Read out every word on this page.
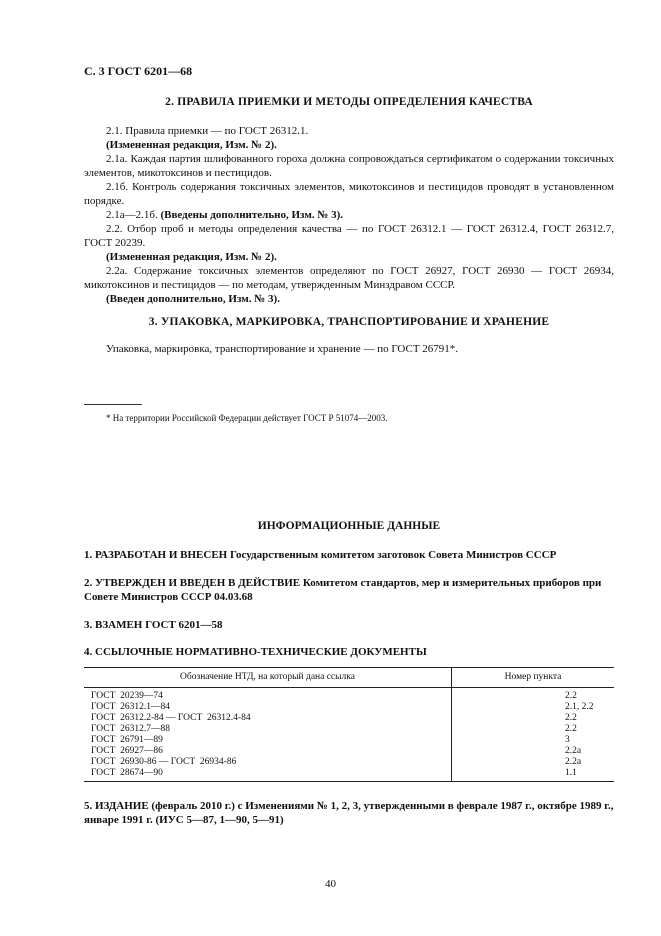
С. 3 ГОСТ 6201—68
2. ПРАВИЛА ПРИЕМКИ И МЕТОДЫ ОПРЕДЕЛЕНИЯ КАЧЕСТВА
2.1. Правила приемки — по ГОСТ 26312.1.
(Измененная редакция, Изм. № 2).
2.1а. Каждая партия шлифованного гороха должна сопровождаться сертификатом о содержании токсичных элементов, микотоксинов и пестицидов.
2.1б. Контроль содержания токсичных элементов, микотоксинов и пестицидов проводят в установленном порядке.
2.1а—2.1б. (Введены дополнительно, Изм. № 3).
2.2. Отбор проб и методы определения качества — по ГОСТ 26312.1 — ГОСТ 26312.4, ГОСТ 26312.7, ГОСТ 20239.
(Измененная редакция, Изм. № 2).
2.2а. Содержание токсичных элементов определяют по ГОСТ 26927, ГОСТ 26930 — ГОСТ 26934, микотоксинов и пестицидов — по методам, утвержденным Минздравом СССР.
(Введен дополнительно, Изм. № 3).
3. УПАКОВКА, МАРКИРОВКА, ТРАНСПОРТИРОВАНИЕ И ХРАНЕНИЕ
Упаковка, маркировка, транспортирование и хранение — по ГОСТ 26791*.
* На территории Российской Федерации действует ГОСТ Р 51074—2003.
ИНФОРМАЦИОННЫЕ ДАННЫЕ
1. РАЗРАБОТАН И ВНЕСЕН Государственным комитетом заготовок Совета Министров СССР
2. УТВЕРЖДЕН И ВВЕДЕН В ДЕЙСТВИЕ Комитетом стандартов, мер и измерительных приборов при Совете Министров СССР 04.03.68
3. ВЗАМЕН ГОСТ 6201—58
4. ССЫЛОЧНЫЕ НОРМАТИВНО-ТЕХНИЧЕСКИЕ ДОКУМЕНТЫ
Обозначение НТД, на который дана ссылка	Номер пункта
ГОСТ  20239—74	2.2
ГОСТ  26312.1—84	2.1, 2.2
ГОСТ  26312.2-84 — ГОСТ  26312.4-84	2.2
ГОСТ  26312.7—88	2.2
ГОСТ  26791—89	3
ГОСТ  26927—86	2.2а
ГОСТ  26930-86 — ГОСТ  26934-86	2.2а
ГОСТ  28674—90	1.1
5. ИЗДАНИЕ (февраль 2010 г.) с Изменениями № 1, 2, 3, утвержденными в феврале 1987 г., октябре 1989 г., январе 1991 г. (ИУС 5—87, 1—90, 5—91)
40
